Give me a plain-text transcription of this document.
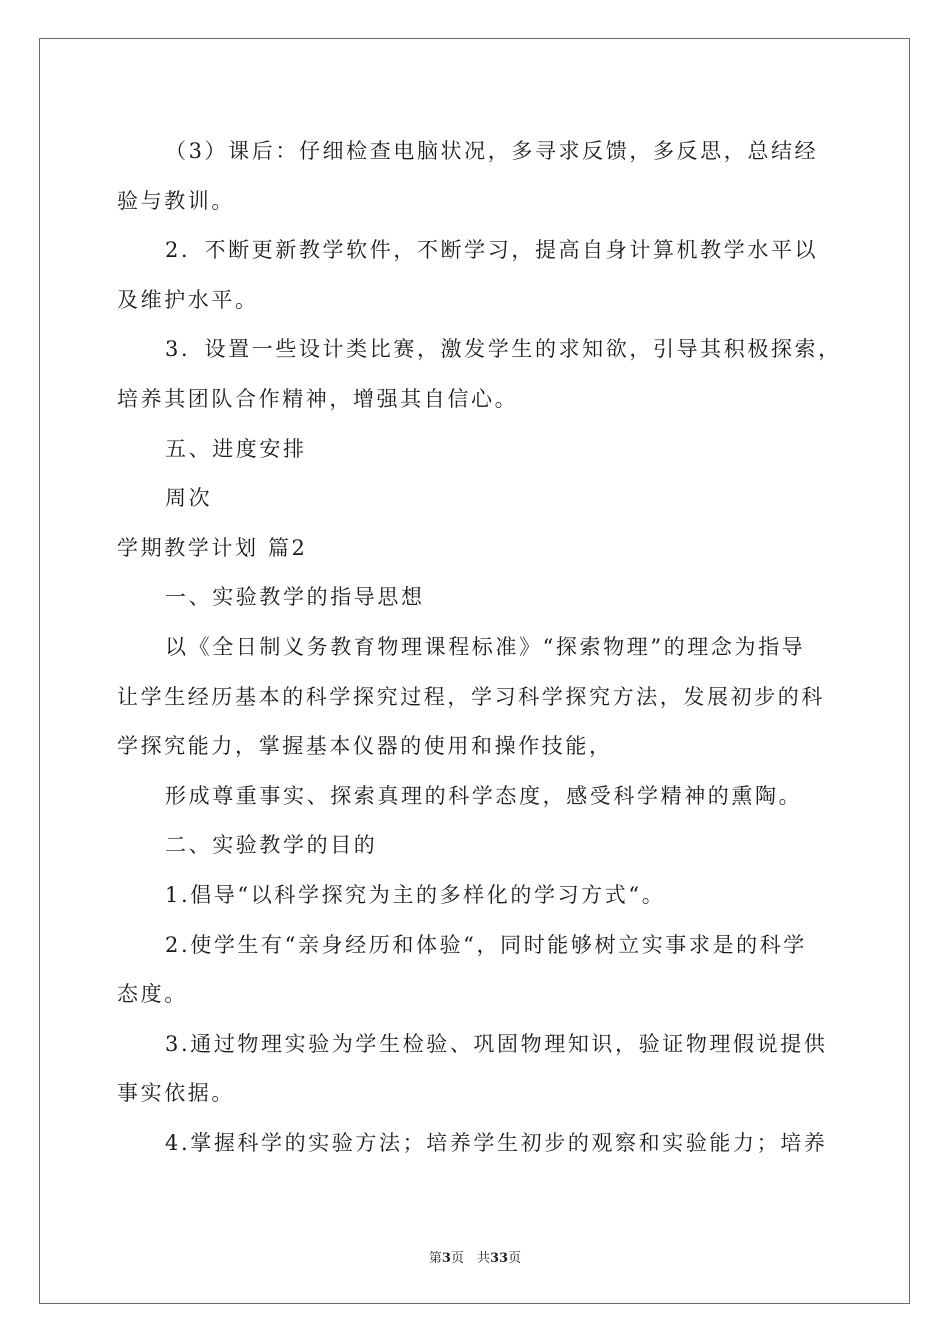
（3）课后：仔细检查电脑状况，多寻求反馈，多反思，总结经
验与教训。
2．不断更新教学软件，不断学习，提高自身计算机教学水平以
及维护水平。
3．设置一些设计类比赛，激发学生的求知欲，引导其积极探索，
培养其团队合作精神，增强其自信心。
五、进度安排
周次
学期教学计划 篇2
一、实验教学的指导思想
以《全日制义务教育物理课程标准》“探索物理”的理念为指导
让学生经历基本的科学探究过程，学习科学探究方法，发展初步的科
学探究能力，掌握基本仪器的使用和操作技能，
形成尊重事实、探索真理的科学态度，感受科学精神的熏陶。
二、实验教学的目的
1.倡导“以科学探究为主的多样化的学习方式“。
2.使学生有“亲身经历和体验“，同时能够树立实事求是的科学
态度。
3.通过物理实验为学生检验、巩固物理知识，验证物理假说提供
事实依据。
4.掌握科学的实验方法；培养学生初步的观察和实验能力；培养
第3页　共33页
